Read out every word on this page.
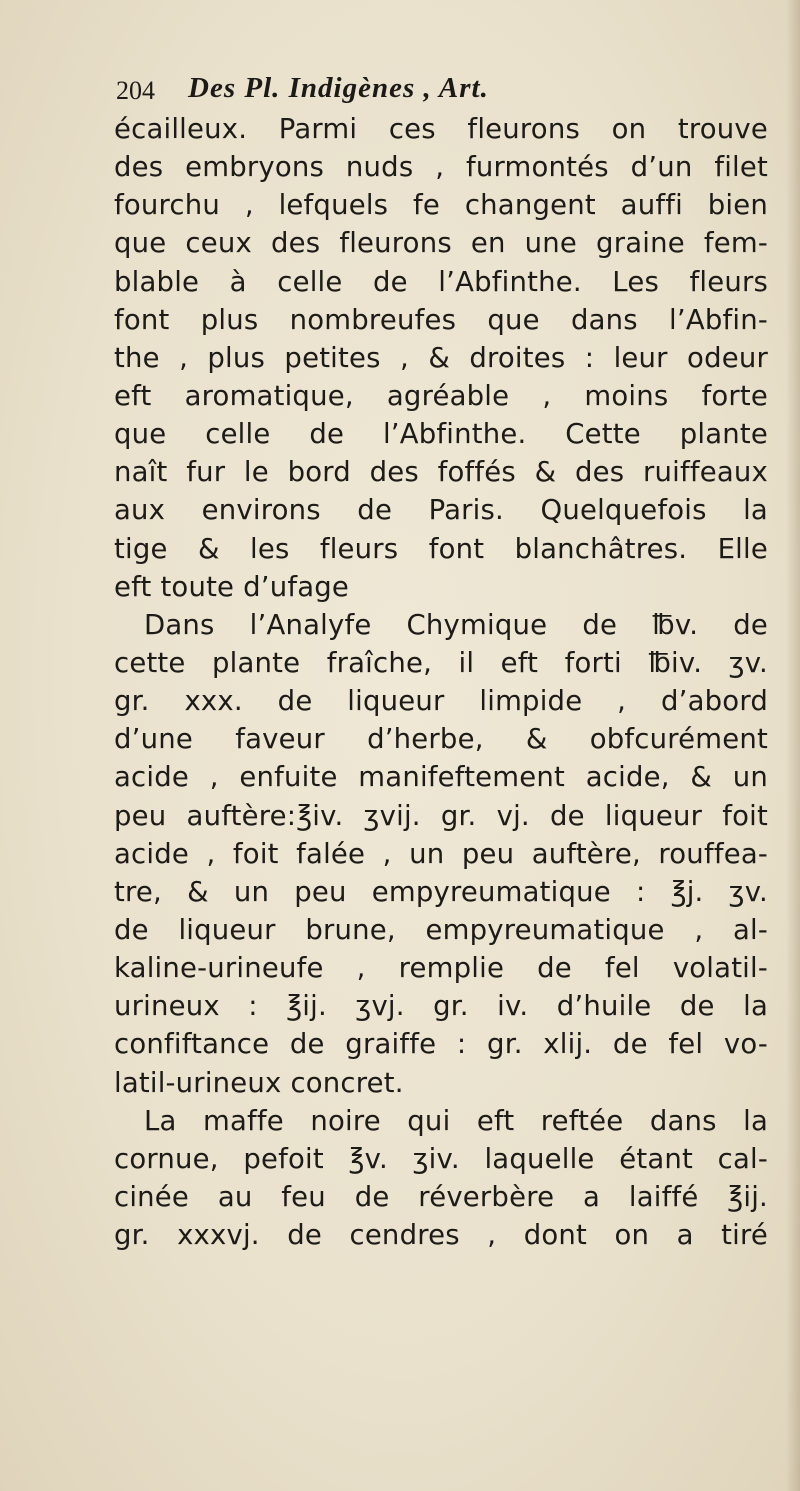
204 Des Pl. Indigènes , Art.
écailleux. Parmi ces fleurons on trouve
des embryons nuds , furmontés d’un filet
fourchu , lefquels fe changent auffi bien
que ceux des fleurons en une graine fem-
blable à celle de l’Abfinthe. Les fleurs
font plus nombreufes que dans l’Abfin-
the , plus petites , & droites : leur odeur
eft aromatique, agréable , moins forte
que celle de l’Abfinthe. Cette plante
naît fur le bord des foffés & des ruiffeaux
aux environs de Paris. Quelquefois la
tige & les fleurs font blanchâtres. Elle
eft toute d’ufage
Dans l’Analyfe Chymique de ℔v. de
cette plante fraîche, il eft forti ℔iv. ʒv.
gr. xxx. de liqueur limpide , d’abord
d’une faveur d’herbe, & obfcurément
acide , enfuite manifeftement acide, & un
peu auftère:℥iv. ʒvij. gr. vj. de liqueur foit
acide , foit falée , un peu auftère, rouffea-
tre, & un peu empyreumatique : ℥j. ʒv.
de liqueur brune, empyreumatique , al-
kaline-urineufe , remplie de fel volatil-
urineux : ℥ij. ʒvj. gr. iv. d’huile de la
confiftance de graiffe : gr. xlij. de fel vo-
latil-urineux concret.
La maffe noire qui eft reftée dans la
cornue, pefoit ℥v. ʒiv. laquelle étant cal-
cinée au feu de réverbère a laiffé ℥ij.
gr. xxxvj. de cendres , dont on a tiré
